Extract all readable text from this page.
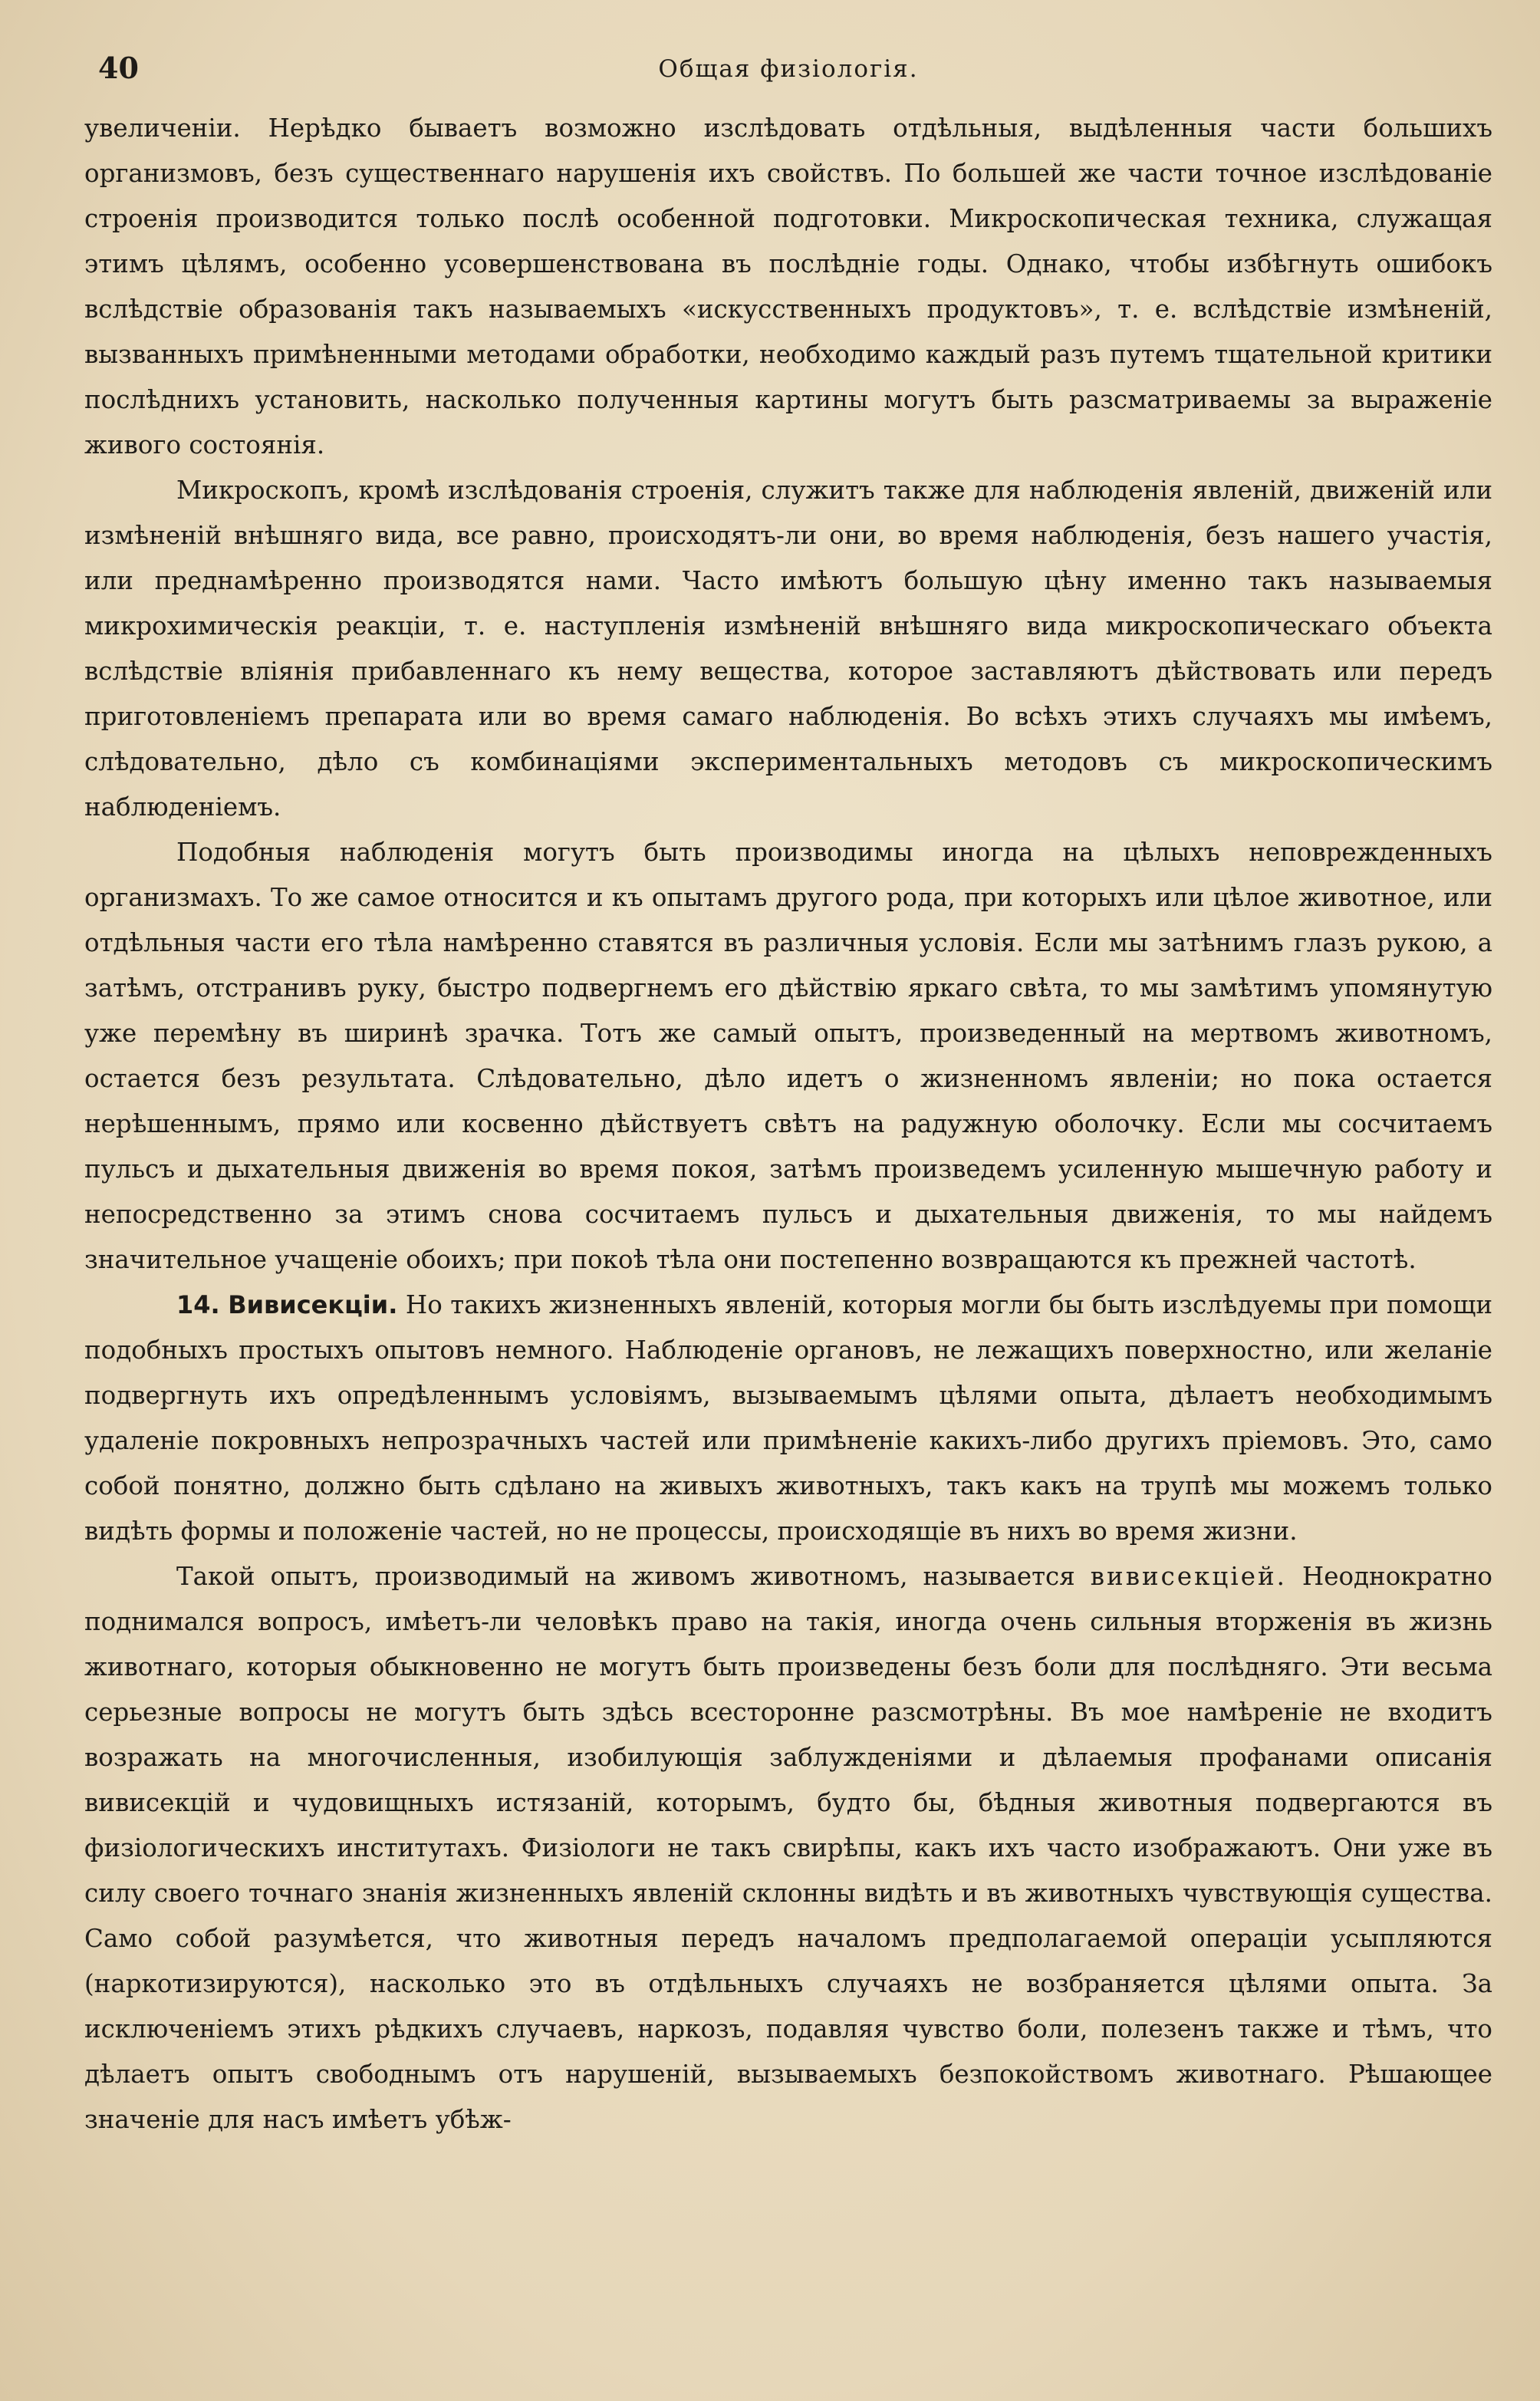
40	Общая физіологія.

увеличенiи. Нерѣдко бываетъ возможно изслѣдовать отдѣльныя, выдѣленныя части большихъ организмовъ, безъ существеннаго нарушенія ихъ свойствъ. По большей же части точное изслѣдованіе строенія производится только послѣ особенной подготовки. Микроскопическая техника, служащая этимъ цѣлямъ, особенно усовершенствована въ послѣдніе годы. Однако, чтобы избѣгнуть ошибокъ вслѣдствіе образованія такъ называемыхъ «искусственныхъ продуктовъ», т. е. вслѣдствіе измѣненій, вызванныхъ примѣненными методами обработки, необходимо каждый разъ путемъ тщательной критики послѣднихъ установить, насколько полученныя картины могутъ быть разсматриваемы за выраженіе живого состоянія.

Микроскопъ, кромѣ изслѣдованія строенія, служитъ также для наблюденія явленій, движеній или измѣненій внѣшняго вида, все равно, происходятъ-ли они, во время наблюденія, безъ нашего участія, или преднамѣренно производятся нами. Часто имѣютъ большую цѣну именно такъ называемыя микрохимическія реакціи, т. е. наступленія измѣненій внѣшняго вида микроскопическаго объекта вслѣдствіе вліянія прибавленнаго къ нему вещества, которое заставляютъ дѣйствовать или передъ приготовленіемъ препарата или во время самаго наблюденія. Во всѣхъ этихъ случаяхъ мы имѣемъ, слѣдовательно, дѣло съ комбинаціями экспериментальныхъ методовъ съ микроскопическимъ наблюденіемъ.

Подобныя наблюденія могутъ быть производимы иногда на цѣлыхъ неповрежденныхъ организмахъ. То же самое относится и къ опытамъ другого рода, при которыхъ или цѣлое животное, или отдѣльныя части его тѣла намѣренно ставятся въ различныя условія. Если мы затѣнимъ глазъ рукою, а затѣмъ, отстранивъ руку, быстро подвергнемъ его дѣйствію яркаго свѣта, то мы замѣтимъ упомянутую уже перемѣну въ ширинѣ зрачка. Тотъ же самый опытъ, произведенный на мертвомъ животномъ, остается безъ результата. Слѣдовательно, дѣло идетъ о жизненномъ явленіи; но пока остается нерѣшеннымъ, прямо или косвенно дѣйствуетъ свѣтъ на радужную оболочку. Если мы сосчитаемъ пульсъ и дыхательныя движенія во время покоя, затѣмъ произведемъ усиленную мышечную работу и непосредственно за этимъ снова сосчитаемъ пульсъ и дыхательныя движенія, то мы найдемъ значительное учащеніе обоихъ; при покоѣ тѣла они постепенно возвращаются къ прежней частотѣ.

14. Вивисекціи. Но такихъ жизненныхъ явленій, которыя могли бы быть изслѣдуемы при помощи подобныхъ простыхъ опытовъ немного. Наблюденіе органовъ, не лежащихъ поверхностно, или желаніе подвергнуть ихъ опредѣленнымъ условіямъ, вызываемымъ цѣлями опыта, дѣлаетъ необходимымъ удаленіе покровныхъ непрозрачныхъ частей или примѣненіе какихъ-либо другихъ пріемовъ. Это, само собой понятно, должно быть сдѣлано на живыхъ животныхъ, такъ какъ на трупѣ мы можемъ только видѣть формы и положеніе частей, но не процессы, происходящіе въ нихъ во время жизни.

Такой опытъ, производимый на живомъ животномъ, называется вивисекціей. Неоднократно поднимался вопросъ, имѣетъ-ли человѣкъ право на такія, иногда очень сильныя вторженія въ жизнь животнаго, которыя обыкновенно не могутъ быть произведены безъ боли для послѣдняго. Эти весьма серьезные вопросы не могутъ быть здѣсь всесторонне разсмотрѣны. Въ мое намѣреніе не входитъ возражать на многочисленныя, изобилующія заблужденіями и дѣлаемыя профанами описанія вивисекцій и чудовищныхъ истязаній, которымъ, будто бы, бѣдныя животныя подвергаются въ физіологическихъ институтахъ. Физіологи не такъ свирѣпы, какъ ихъ часто изображаютъ. Они уже въ силу своего точнаго знанія жизненныхъ явленій склонны видѣть и въ животныхъ чувствующія существа. Само собой разумѣется, что животныя передъ началомъ предполагаемой операціи усыпляются (наркотизируются), насколько это въ отдѣльныхъ случаяхъ не возбраняется цѣлями опыта. За исключеніемъ этихъ рѣдкихъ случаевъ, наркозъ, подавляя чувство боли, полезенъ также и тѣмъ, что дѣлаетъ опытъ свободнымъ отъ нарушеній, вызываемыхъ безпокойствомъ животнаго. Рѣшающее значеніе для насъ имѣетъ убѣж-
